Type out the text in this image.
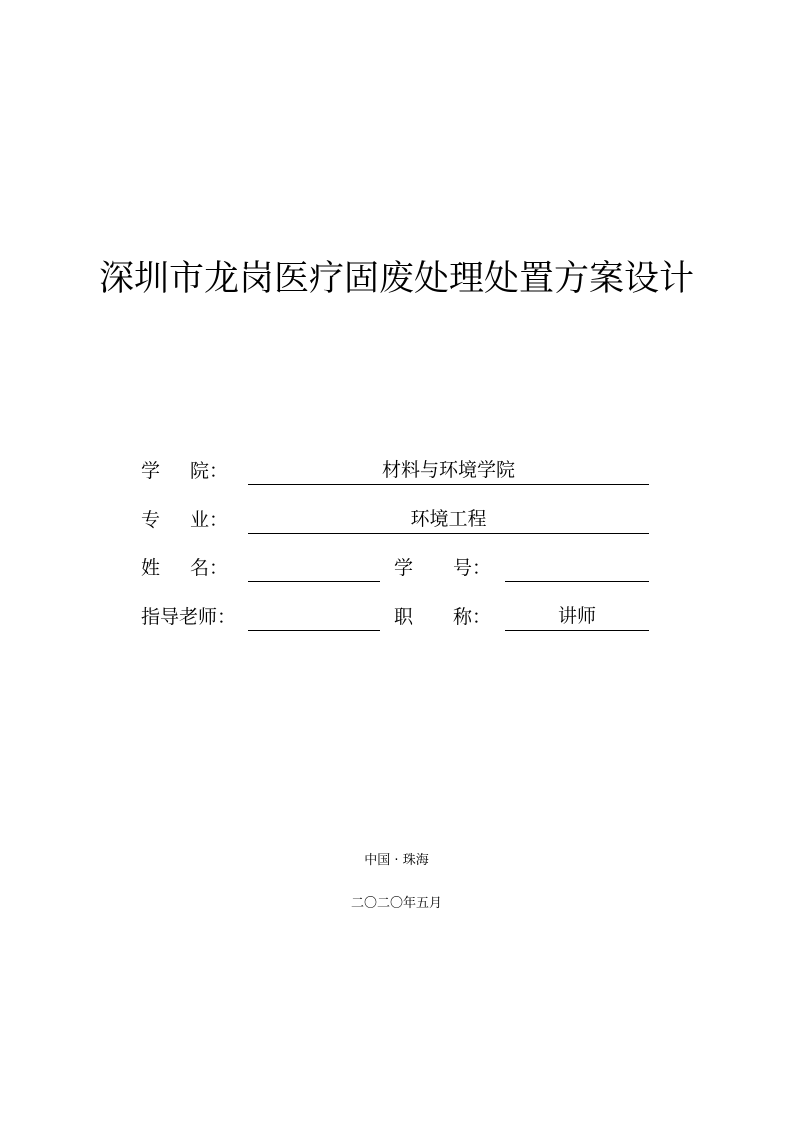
深圳市龙岗医疗固废处理处置方案设计
学 院 ：	材料与环境学院
专 业 ：	环境工程
姓 名 ：	学 号 ：
指导老师 ：	职 称 ：	讲师
中国 · 珠海
二〇二〇年五月
